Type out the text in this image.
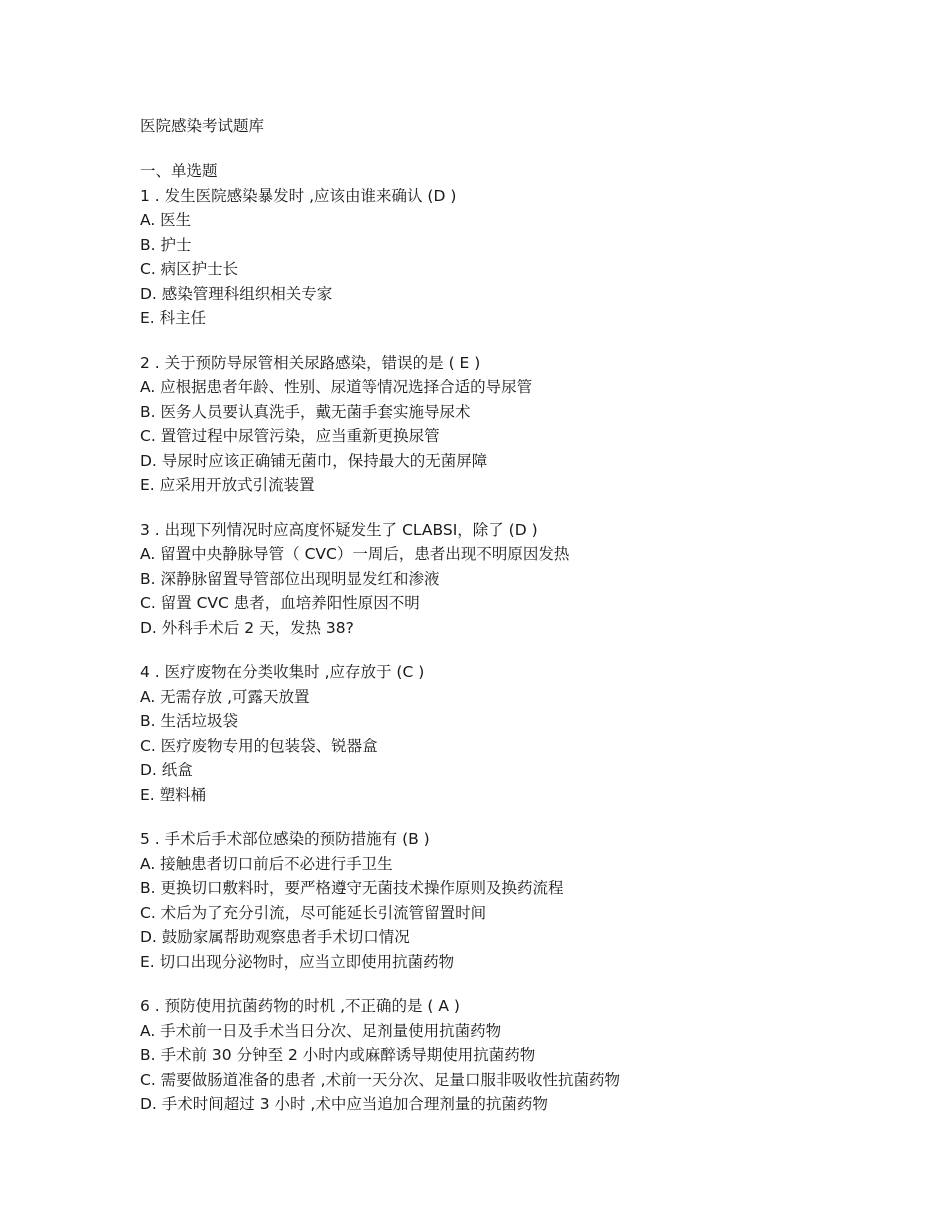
医院感染考试题库
一、单选题
1 . 发生医院感染暴发时 ,应该由谁来确认 (D )
A. 医生
B. 护士
C. 病区护士长
D. 感染管理科组织相关专家
E. 科主任
2 . 关于预防导尿管相关尿路感染，错误的是 ( E )
A. 应根据患者年龄、性别、尿道等情况选择合适的导尿管
B. 医务人员要认真洗手，戴无菌手套实施导尿术
C. 置管过程中尿管污染，应当重新更换尿管
D. 导尿时应该正确铺无菌巾，保持最大的无菌屏障
E. 应采用开放式引流装置
3 . 出现下列情况时应高度怀疑发生了 CLABSI，除了 (D )
A. 留置中央静脉导管（ CVC）一周后，患者出现不明原因发热
B. 深静脉留置导管部位出现明显发红和渗液
C. 留置 CVC 患者，血培养阳性原因不明
D. 外科手术后 2 天，发热 38?
4 . 医疗废物在分类收集时 ,应存放于 (C )
A. 无需存放 ,可露天放置
B. 生活垃圾袋
C. 医疗废物专用的包装袋、锐器盒
D. 纸盒
E. 塑料桶
5 . 手术后手术部位感染的预防措施有 (B )
A. 接触患者切口前后不必进行手卫生
B. 更换切口敷料时，要严格遵守无菌技术操作原则及换药流程
C. 术后为了充分引流，尽可能延长引流管留置时间
D. 鼓励家属帮助观察患者手术切口情况
E. 切口出现分泌物时，应当立即使用抗菌药物
6 . 预防使用抗菌药物的时机 ,不正确的是 ( A )
A. 手术前一日及手术当日分次、足剂量使用抗菌药物
B. 手术前 30 分钟至 2 小时内或麻醉诱导期使用抗菌药物
C. 需要做肠道准备的患者 ,术前一天分次、足量口服非吸收性抗菌药物
D. 手术时间超过 3 小时 ,术中应当追加合理剂量的抗菌药物
